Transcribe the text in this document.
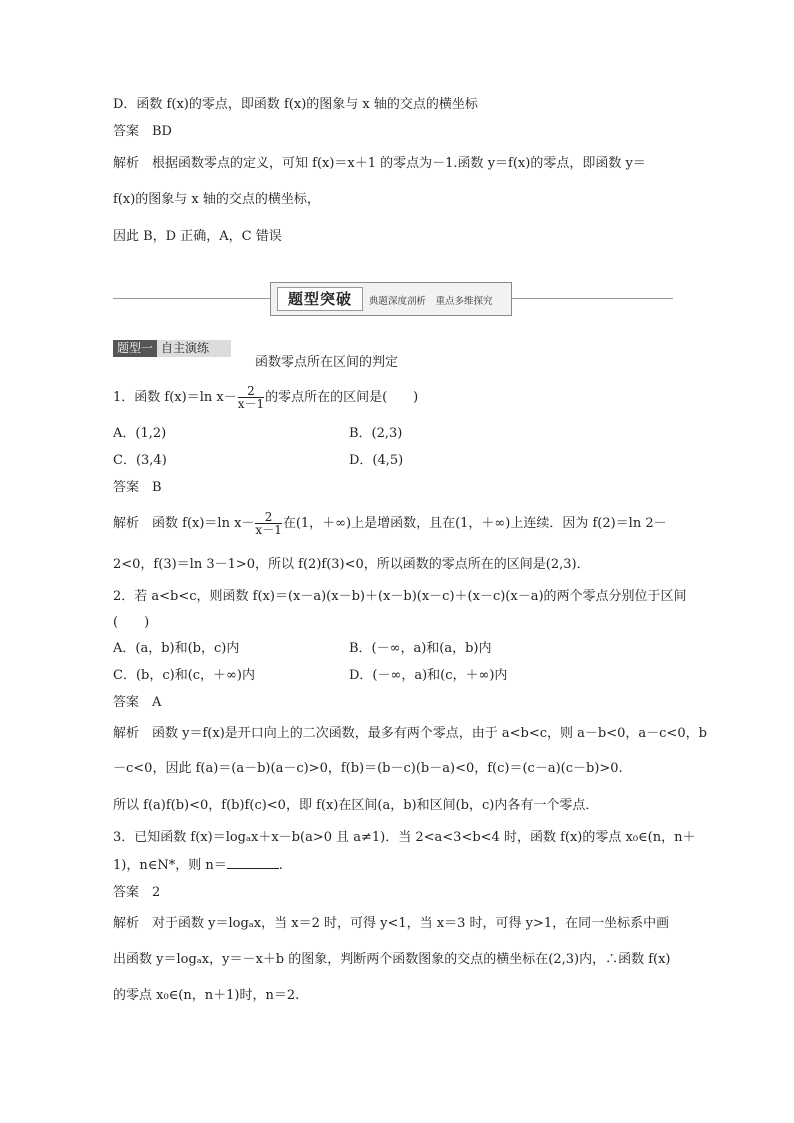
D．函数 f(x)的零点，即函数 f(x)的图象与 x 轴的交点的横坐标
答案　BD
解析　根据函数零点的定义，可知 f(x)＝x＋1 的零点为－1.函数 y＝f(x)的零点，即函数 y＝
f(x)的图象与 x 轴的交点的横坐标，
因此 B，D 正确，A，C 错误
题型突破	典题深度剖析　重点多维探究
题型一 自主演练
函数零点所在区间的判定
1．函数 f(x)＝ln $x- \frac{2}{x-1}$ 的零点所在的区间是(　　)
A．(1,2)	B．(2,3)
C．(3,4)	D．(4,5)
答案　B
解析　函数 f(x)＝ln $x- \frac{2}{x-1}$ 在(1，＋∞)上是增函数，且在(1，＋∞)上连续．因为 f(2)＝ln 2－
2<0，f(3)＝ln 3－1>0，所以 f(2)f(3)<0，所以函数的零点所在的区间是(2,3)．
2．若 a<b<c，则函数 f(x)＝(x－a)(x－b)＋(x－b)(x－c)＋(x－c)(x－a)的两个零点分别位于区间
(　　)
A．(a，b)和(b，c)内	B．(－∞，a)和(a，b)内
C．(b，c)和(c，＋∞)内	D．(－∞，a)和(c，＋∞)内
答案　A
解析　函数 y＝f(x)是开口向上的二次函数，最多有两个零点，由于 a<b<c，则 a－b<0，a－c<0，b
－c<0，因此 f(a)＝(a－b)(a－c)>0，f(b)＝(b－c)(b－a)<0，f(c)＝(c－a)(c－b)>0.
所以 f(a)f(b)<0，f(b)f(c)<0，即 f(x)在区间(a，b)和区间(b，c)内各有一个零点．
3．已知函数 f(x)＝logₐx＋x－b(a>0 且 a≠1)．当 2<a<3<b<4 时，函数 f(x)的零点 x₀∈(n，n＋
1)，n∈N*，则 n＝	.
答案　2
解析　对于函数 y＝logₐx，当 x＝2 时，可得 y<1，当 x＝3 时，可得 y>1，在同一坐标系中画
出函数 y＝logₐx，y＝－x＋b 的图象，判断两个函数图象的交点的横坐标在(2,3)内，∴函数 f(x)
的零点 x₀∈(n，n＋1)时，n＝2.
